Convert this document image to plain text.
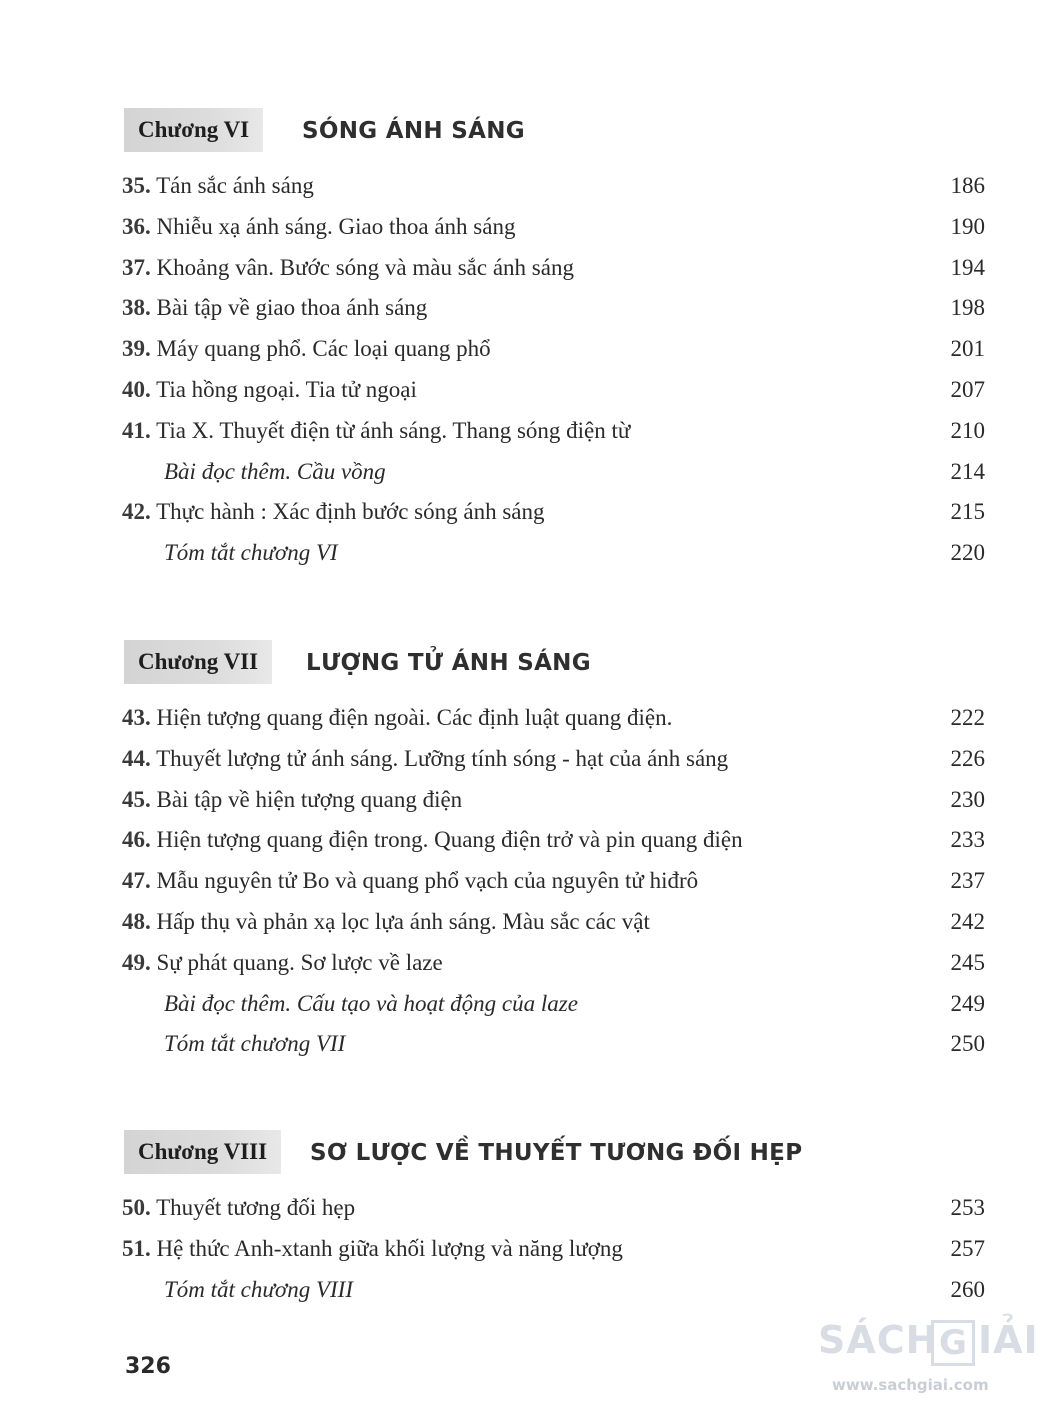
Chương VI	SÓNG ÁNH SÁNG
35. Tán sắc ánh sáng	186
36. Nhiễu xạ ánh sáng. Giao thoa ánh sáng	190
37. Khoảng vân. Bước sóng và màu sắc ánh sáng	194
38. Bài tập về giao thoa ánh sáng	198
39. Máy quang phổ. Các loại quang phổ	201
40. Tia hồng ngoại. Tia tử ngoại	207
41. Tia X. Thuyết điện từ ánh sáng. Thang sóng điện từ	210
Bài đọc thêm. Cầu vồng	214
42. Thực hành : Xác định bước sóng ánh sáng	215
Tóm tắt chương VI	220
Chương VII	LƯỢNG TỬ ÁNH SÁNG
43. Hiện tượng quang điện ngoài. Các định luật quang điện.	222
44. Thuyết lượng tử ánh sáng. Lưỡng tính sóng - hạt của ánh sáng	226
45. Bài tập về hiện tượng quang điện	230
46. Hiện tượng quang điện trong. Quang điện trở và pin quang điện	233
47. Mẫu nguyên tử Bo và quang phổ vạch của nguyên tử hiđrô	237
48. Hấp thụ và phản xạ lọc lựa ánh sáng. Màu sắc các vật	242
49. Sự phát quang. Sơ lược về laze	245
Bài đọc thêm. Cấu tạo và hoạt động của laze	249
Tóm tắt chương VII	250
Chương VIII	SƠ LƯỢC VỀ THUYẾT TƯƠNG ĐỐI HẸP
50. Thuyết tương đối hẹp	253
51. Hệ thức Anh-xtanh giữa khối lượng và năng lượng	257
Tóm tắt chương VIII	260
326
SÁCH G IẢI
www.sachgiai.com
